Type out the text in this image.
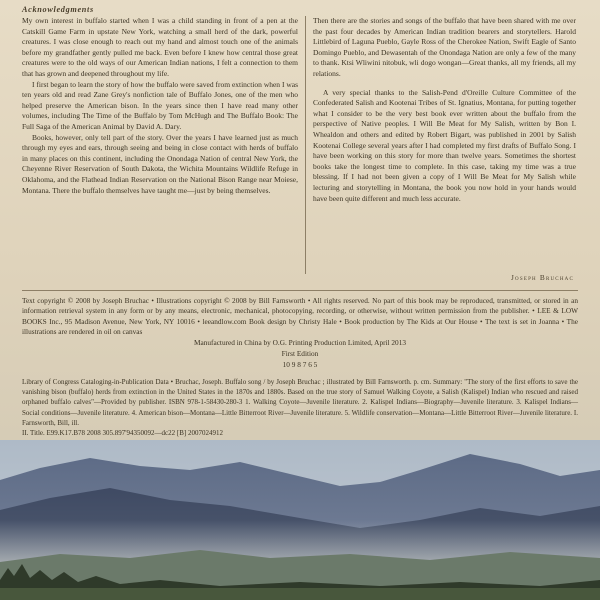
Acknowledgments

My own interest in buffalo started when I was a child standing in front of a pen at the Catskill Game Farm in upstate New York, watching a small herd of the dark, powerful creatures. I was close enough to reach out my hand and almost touch one of the animals before my grandfather gently pulled me back. Even before I knew how central those great creatures were to the old ways of our American Indian nations, I felt a connection to them that has grown and deepened throughout my life.

I first began to learn the story of how the buffalo were saved from extinction when I was ten years old and read Zane Grey's nonfiction tale of Buffalo Jones, one of the men who helped preserve the American bison. In the years since then I have read many other volumes, including The Time of the Buffalo by Tom McHugh and The Buffalo Book: The Full Saga of the American Animal by David A. Dary.

Books, however, only tell part of the story. Over the years I have learned just as much through my eyes and ears, through seeing and being in close contact with herds of buffalo in many places on this continent, including the Onondaga Nation of central New York, the Cheyenne River Reservation of South Dakota, the Wichita Mountains Wildlife Refuge in Oklahoma, and the Flathead Indian Reservation on the National Bison Range near Moiese, Montana. There the buffalo themselves have taught me—just by being themselves.

Then there are the stories and songs of the buffalo that have been shared with me over the past four decades by American Indian tradition bearers and storytellers. Harold Littlebird of Laguna Pueblo, Gayle Ross of the Cherokee Nation, Swift Eagle of Santo Domingo Pueblo, and Dewasentah of the Onondaga Nation are only a few of the many to thank. Ktsi Wliwini nitobuk, wli dogo wongan—Great thanks, all my friends, all my relations.

A very special thanks to the Salish-Pend d'Oreille Culture Committee of the Confederated Salish and Kootenai Tribes of St. Ignatius, Montana, for putting together what I consider to be the very best book ever written about the buffalo from the perspective of Native peoples. I Will Be Meat for My Salish, written by Bon I. Whealdon and others and edited by Robert Bigart, was published in 2001 by Salish Kootenai College several years after I had completed my first drafts of Buffalo Song. I have been working on this story for more than twelve years. Sometimes the shortest books take the longest time to complete. In this case, taking my time was a true blessing. If I had not been given a copy of I Will Be Meat for My Salish while lecturing and storytelling in Montana, the book you now hold in your hands would have been quite different and much less accurate.

Joseph Bruchac
Text copyright © 2008 by Joseph Bruchac • Illustrations copyright © 2008 by Bill Farnsworth • All rights reserved. No part of this book may be reproduced, transmitted, or stored in an information retrieval system in any form or by any means, electronic, mechanical, photocopying, recording, or otherwise, without written permission from the publisher. • LEE & LOW BOOKS Inc., 95 Madison Avenue, New York, NY 10016 • leeandlow.com Book design by Christy Hale • Book production by The Kids at Our House • The text is set in Joanna • The illustrations are rendered in oil on canvas
Manufactured in China by O.G. Printing Production Limited, April 2013
First Edition
10 9 8 7 6 5
Library of Congress Cataloging-in-Publication Data • Bruchac, Joseph. Buffalo song / by Joseph Bruchac ; illustrated by Bill Farnsworth. p. cm. Summary: "The story of the first efforts to save the vanishing bison (buffalo) herds from extinction in the United States in the 1870s and 1880s. Based on the true story of Samuel Walking Coyote, a Salish (Kalispel) Indian who rescued and raised orphaned buffalo calves"—Provided by publisher. ISBN 978-1-58430-280-3 1. Walking Coyote—Juvenile literature. 2. Kalispel Indians—Biography—Juvenile literature. 3. Kalispel Indians—Social conditions—Juvenile literature. 4. American bison—Montana—Little Bitterroot River—Juvenile literature. 5. Wildlife conservation—Montana—Little Bitterroot River—Juvenile literature. I. Farnsworth, Bill, ill.
II. Title. E99.K17.B78 2008 305.897'94350092—dc22 [B] 2007024912
